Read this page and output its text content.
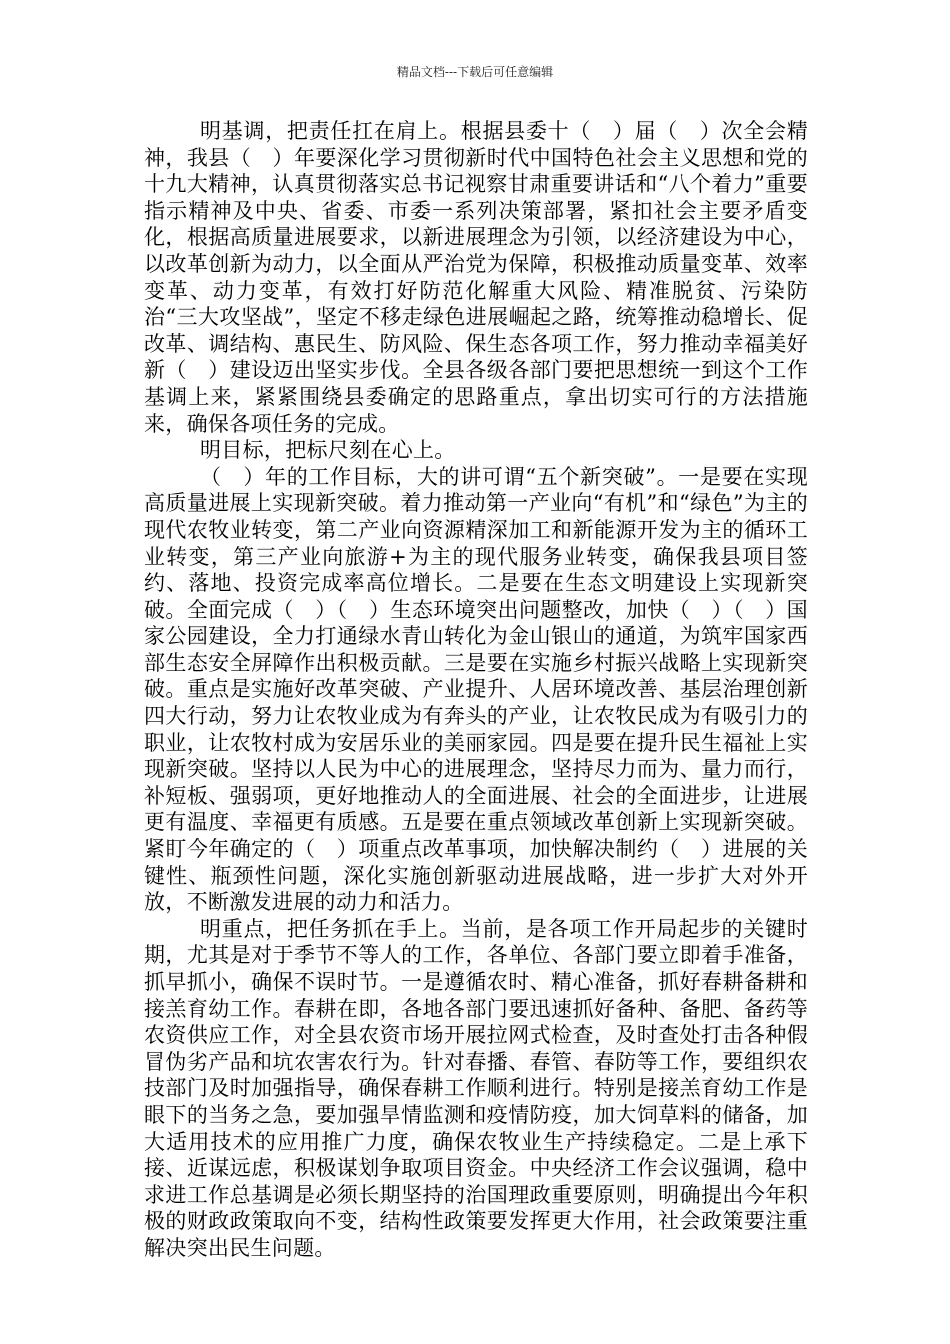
精品文档---下载后可任意编辑

明基调，把责任扛在肩上。根据县委十（　）届（　）次全会精神，我县（　）年要深化学习贯彻新时代中国特色社会主义思想和党的十九大精神，认真贯彻落实总书记视察甘肃重要讲话和“八个着力”重要指示精神及中央、省委、市委一系列决策部署，紧扣社会主要矛盾变化，根据高质量进展要求，以新进展理念为引领，以经济建设为中心，以改革创新为动力，以全面从严治党为保障，积极推动质量变革、效率变革、动力变革，有效打好防范化解重大风险、精准脱贫、污染防治“三大攻坚战”，坚定不移走绿色进展崛起之路，统筹推动稳增长、促改革、调结构、惠民生、防风险、保生态各项工作，努力推动幸福美好新（　）建设迈出坚实步伐。全县各级各部门要把思想统一到这个工作基调上来，紧紧围绕县委确定的思路重点，拿出切实可行的方法措施来，确保各项任务的完成。

明目标，把标尺刻在心上。

（　）年的工作目标，大的讲可谓“五个新突破”。一是要在实现高质量进展上实现新突破。着力推动第一产业向“有机”和“绿色”为主的现代农牧业转变，第二产业向资源精深加工和新能源开发为主的循环工业转变，第三产业向旅游+为主的现代服务业转变，确保我县项目签约、落地、投资完成率高位增长。二是要在生态文明建设上实现新突破。全面完成（　）（　）生态环境突出问题整改，加快（　）（　）国家公园建设，全力打通绿水青山转化为金山银山的通道，为筑牢国家西部生态安全屏障作出积极贡献。三是要在实施乡村振兴战略上实现新突破。重点是实施好改革突破、产业提升、人居环境改善、基层治理创新四大行动，努力让农牧业成为有奔头的产业，让农牧民成为有吸引力的职业，让农牧村成为安居乐业的美丽家园。四是要在提升民生福祉上实现新突破。坚持以人民为中心的进展理念，坚持尽力而为、量力而行，补短板、强弱项，更好地推动人的全面进展、社会的全面进步，让进展更有温度、幸福更有质感。五是要在重点领域改革创新上实现新突破。紧盯今年确定的（　）项重点改革事项，加快解决制约（　）进展的关键性、瓶颈性问题，深化实施创新驱动进展战略，进一步扩大对外开放，不断激发进展的动力和活力。

明重点，把任务抓在手上。当前，是各项工作开局起步的关键时期，尤其是对于季节不等人的工作，各单位、各部门要立即着手准备，抓早抓小，确保不误时节。一是遵循农时、精心准备，抓好春耕备耕和接羔育幼工作。春耕在即，各地各部门要迅速抓好备种、备肥、备药等农资供应工作，对全县农资市场开展拉网式检查，及时查处打击各种假冒伪劣产品和坑农害农行为。针对春播、春管、春防等工作，要组织农技部门及时加强指导，确保春耕工作顺利进行。特别是接羔育幼工作是眼下的当务之急，要加强旱情监测和疫情防疫，加大饲草料的储备，加大适用技术的应用推广力度，确保农牧业生产持续稳定。二是上承下接、近谋远虑，积极谋划争取项目资金。中央经济工作会议强调，稳中求进工作总基调是必须长期坚持的治国理政重要原则，明确提出今年积极的财政政策取向不变，结构性政策要发挥更大作用，社会政策要注重解决突出民生问题。
